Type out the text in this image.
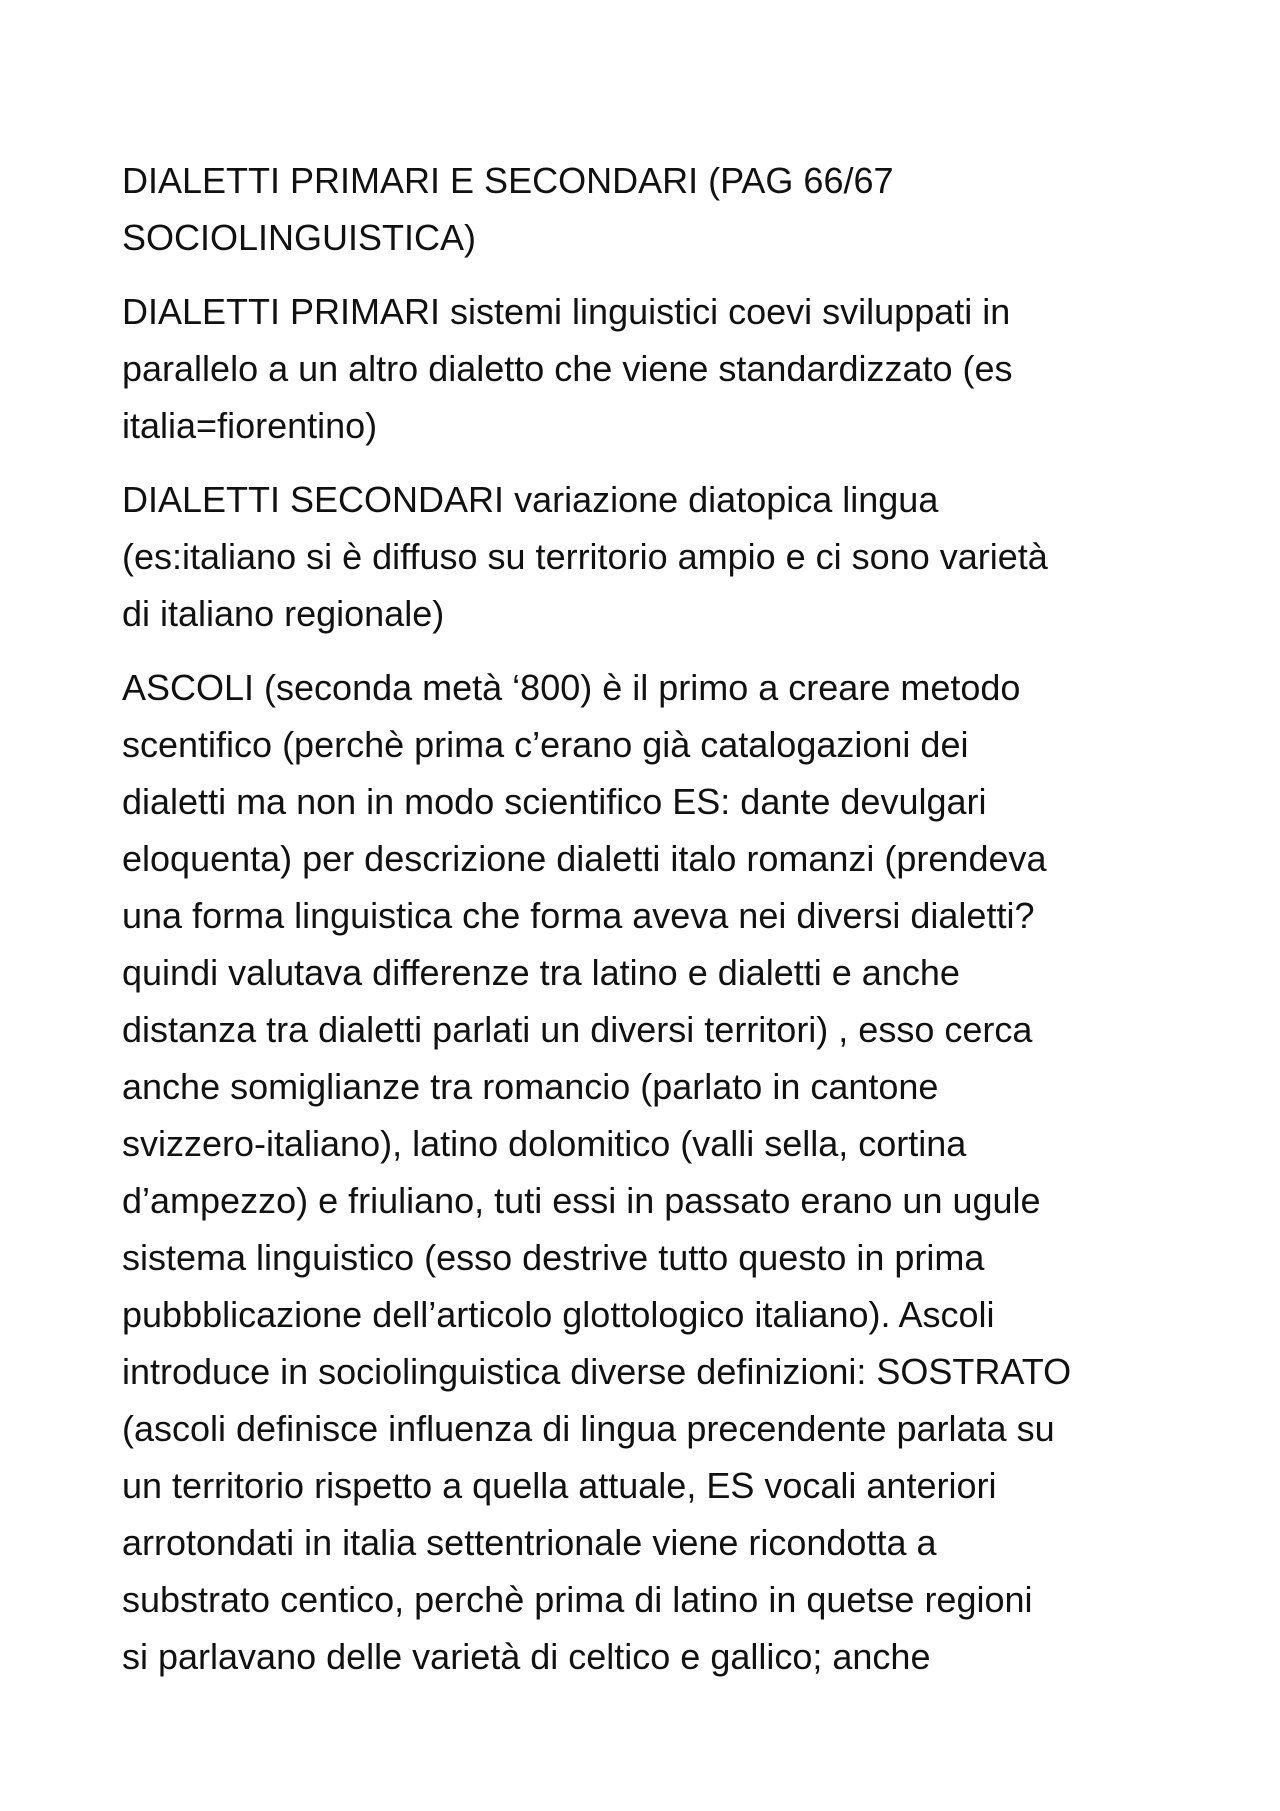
DIALETTI PRIMARI E SECONDARI (PAG 66/67
SOCIOLINGUISTICA)
DIALETTI PRIMARI sistemi linguistici coevi sviluppati in
parallelo a un altro dialetto che viene standardizzato (es
italia=fiorentino)
DIALETTI SECONDARI variazione diatopica lingua
(es:italiano si è diffuso su territorio ampio e ci sono varietà
di italiano regionale)
ASCOLI (seconda metà ‘800) è il primo a creare metodo
scentifico (perchè prima c’erano già catalogazioni dei
dialetti ma non in modo scientifico ES: dante devulgari
eloquenta) per descrizione dialetti italo romanzi (prendeva
una forma linguistica che forma aveva nei diversi dialetti?
quindi valutava differenze tra latino e dialetti e anche
distanza tra dialetti parlati un diversi territori) , esso cerca
anche somiglianze tra romancio (parlato in cantone
svizzero-italiano), latino dolomitico (valli sella, cortina
d’ampezzo) e friuliano, tuti essi in passato erano un ugule
sistema linguistico (esso destrive tutto questo in prima
pubbblicazione dell’articolo glottologico italiano). Ascoli
introduce in sociolinguistica diverse definizioni: SOSTRATO
(ascoli definisce influenza di lingua precendente parlata su
un territorio rispetto a quella attuale, ES vocali anteriori
arrotondati in italia settentrionale viene ricondotta a
substrato centico, perchè prima di latino in quetse regioni
si parlavano delle varietà di celtico e gallico; anche
